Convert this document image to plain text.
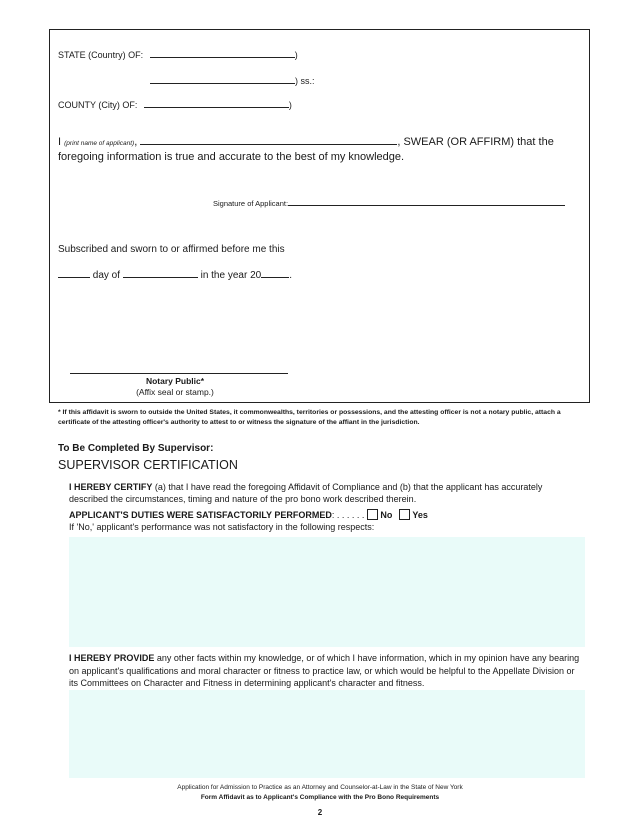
STATE (Country) OF:	)
) ss.:
COUNTY (City) OF:	)
I (print name of applicant),	, SWEAR (OR AFFIRM) that the
foregoing information is true and accurate to the best of my knowledge.
Signature of Applicant:
Subscribed and sworn to or affirmed before me this
day of	in the year 20	.
Notary Public*
(Affix seal or stamp.)
* If this affidavit is sworn to outside the United States, it commonwealths, territories or possessions, and the attesting officer is not a notary public, attach a certificate of the attesting officer's authority to attest to or witness the signature of the affiant in the jurisdiction.
To Be Completed By Supervisor:
SUPERVISOR CERTIFICATION
I HEREBY CERTIFY (a) that I have read the foregoing Affidavit of Compliance and (b) that the applicant has accurately described the circumstances, timing and nature of the pro bono work described therein.
APPLICANT'S DUTIES WERE SATISFACTORILY PERFORMED: . . . . . . No Yes
If 'No,' applicant's performance was not satisfactory in the following respects:
I HEREBY PROVIDE any other facts within my knowledge, or of which I have information, which in my opinion have any bearing on applicant's qualifications and moral character or fitness to practice law, or which would be helpful to the Appellate Division or its Committees on Character and Fitness in determining applicant's character and fitness.
Application for Admission to Practice as an Attorney and Counselor-at-Law in the State of New York
Form Affidavit as to Applicant's Compliance with the Pro Bono Requirements
2
